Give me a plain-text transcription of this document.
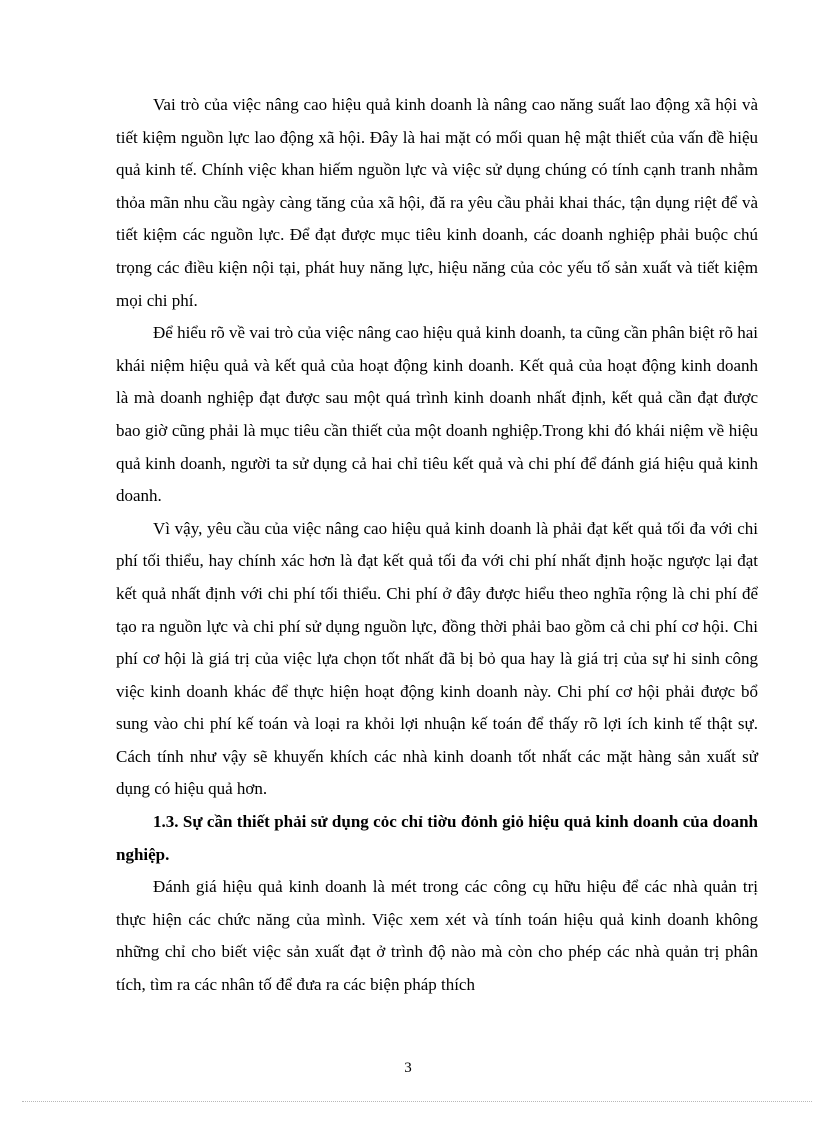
Vai trò của việc nâng cao hiệu quả kinh doanh là nâng cao năng suất lao động xã hội và tiết kiệm nguồn lực lao động xã hội. Đây là hai mặt có mối quan hệ mật thiết của vấn đề hiệu quả kinh tế. Chính việc khan hiếm nguồn lực và việc sử dụng chúng có tính cạnh tranh nhằm thỏa mãn nhu cầu ngày càng tăng của xã hội, đă ra yêu cầu phải khai thác, tận dụng riệt để và tiết kiệm các nguồn lực. Để đạt được mục tiêu kinh doanh, các doanh nghiệp phải buộc chú trọng các điều kiện nội tại, phát huy năng lực, hiệu năng của cỏc yếu tố sản xuất và tiết kiệm mọi chi phí.

Để hiểu rõ về vai trò của việc nâng cao hiệu quả kinh doanh, ta cũng cần phân biệt rõ hai khái niệm hiệu quả và kết quả của hoạt động kinh doanh. Kết quả của hoạt động kinh doanh là mà doanh nghiệp đạt được sau một quá trình kinh doanh nhất định, kết quả cần đạt được bao giờ cũng phải là mục tiêu cần thiết của một doanh nghiệp.Trong khi đó khái niệm về hiệu quả kinh doanh, người ta sử dụng cả hai chỉ tiêu kết quả và chi phí để đánh giá hiệu quả kinh doanh.

Vì vậy, yêu cầu của việc nâng cao hiệu quả kinh doanh là phải đạt kết quả tối đa với chi phí tối thiểu, hay chính xác hơn là đạt kết quả tối đa với chi phí nhất định hoặc ngược lại đạt kết quả nhất định với chi phí tối thiểu. Chi phí ở đây được hiểu theo nghĩa rộng là chi phí để tạo ra nguồn lực và chi phí sử dụng nguồn lực, đồng thời phải bao gồm cả chi phí cơ hội. Chi phí cơ hội là giá trị của việc lựa chọn tốt nhất đã bị bỏ qua hay là giá trị của sự hi sinh công việc kinh doanh khác để thực hiện hoạt động kinh doanh này. Chi phí cơ hội phải được bổ sung vào chi phí kế toán và loại ra khỏi lợi nhuận kế toán để thấy rõ lợi ích kinh tế thật sự. Cách tính như vậy sẽ khuyến khích các nhà kinh doanh tốt nhất các mặt hàng sản xuất sử dụng có hiệu quả hơn.

1.3. Sự cần thiết phải sử dụng cỏc chỉ tiờu đỏnh giỏ hiệu quả kinh doanh của doanh nghiệp.

Đánh giá hiệu quả kinh doanh là mét trong các công cụ hữu hiệu để các nhà quản trị thực hiện các chức năng của mình. Việc xem xét và tính toán hiệu quả kinh doanh không những chỉ cho biết việc sản xuất đạt ở trình độ nào mà còn cho phép các nhà quản trị phân tích, tìm ra các nhân tố để đưa ra các biện pháp thích

3
